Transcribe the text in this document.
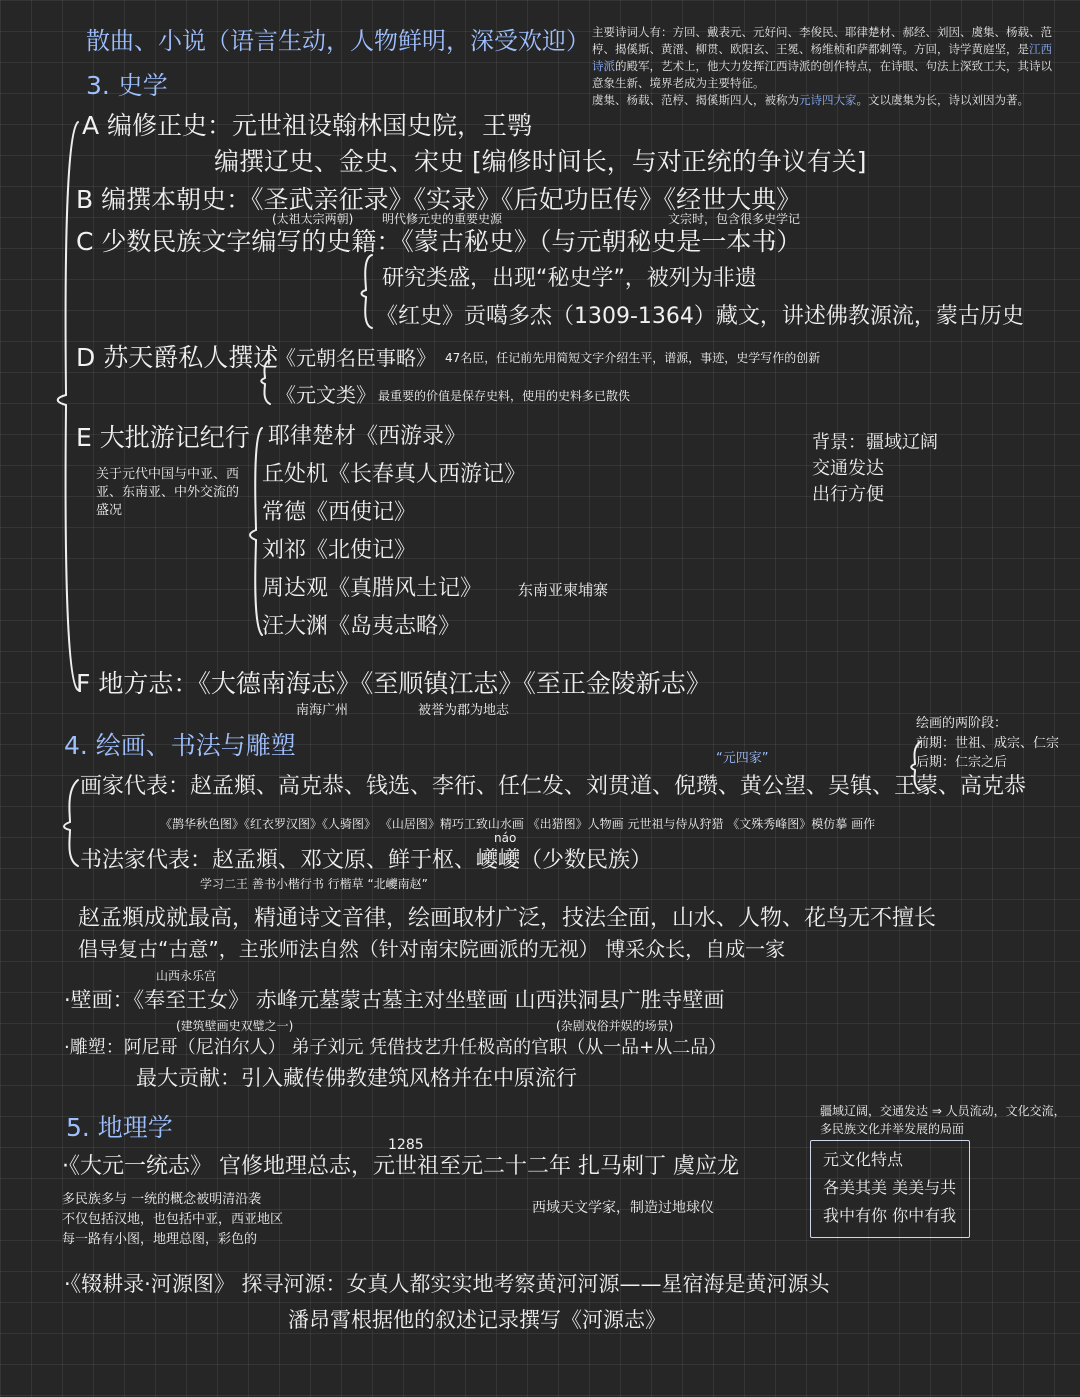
散曲、小说（语言生动，人物鲜明，深受欢迎） 主要诗词人有：方回、戴表元、元好问、李俊民、耶律楚材、郝经、刘因、虞集、杨载、范梈、揭傒斯、黄溍、柳贯、欧阳玄、王冕、杨维桢和萨都剌等。方回，诗学黄庭坚，是江西诗派的殿军，艺术上，他大力发挥江西诗派的创作特点，在诗眼、句法上深致工夫，其诗以意象生新、境界老成为主要特征。
虞集、杨载、范梈、揭傒斯四人，被称为元诗四大家。文以虞集为长，诗以刘因为著。
3. 史学
A 编修正史：元世祖设翰林国史院，王鹗
编撰辽史、金史、宋史 [编修时间长，与对正统的争议有关]
B 编撰本朝史：《圣武亲征录》《实录》《后妃功臣传》《经世大典》
(太祖太宗两朝) 明代修元史的重要史源	文宗时，包含很多史学记
C 少数民族文字编写的史籍：《蒙古秘史》（与元朝秘史是一本书）
研究类盛，出现“秘史学”，被列为非遗
《红史》贡噶多杰（1309-1364）藏文，讲述佛教源流，蒙古历史
D 苏天爵私人撰述
《元朝名臣事略》 47名臣，任记前先用简短文字介绍生平，谱源，事迹，史学写作的创新
《元文类》 最重要的价值是保存史料，使用的史料多已散佚
E 大批游记纪行
关于元代中国与中亚、西亚、东南亚、中外交流的盛况
耶律楚材《西游录》
丘处机《长春真人西游记》
常德《西使记》
刘祁《北使记》
周达观《真腊风土记》
汪大渊《岛夷志略》
东南亚柬埔寨
背景：疆域辽阔
交通发达
出行方便
F 地方志：《大德南海志》《至顺镇江志》《至正金陵新志》
南海广州	被誉为郡为地志
4. 绘画、书法与雕塑
绘画的两阶段：
前期：世祖、成宗、仁宗
后期：仁宗之后
“元四家”
画家代表：赵孟頫、高克恭、钱选、李衎、任仁发、刘贯道、倪瓒、黄公望、吴镇、王蒙、高克恭
《鹊华秋色图》《红衣罗汉图》《人骑图》 《山居图》精巧工致山水画 《出猎图》人物画 元世祖与侍从狩猎 《文殊秀峰图》模仿摹 画作
náo
书法家代表：赵孟頫、邓文原、鲜于枢、巙巙（少数民族）
学习二王 善书小楷行书 行楷草 “北巙南赵”
赵孟頫成就最高，精通诗文音律，绘画取材广泛，技法全面，山水、人物、花鸟无不擅长
倡导复古“古意”，主张师法自然（针对南宋院画派的无视） 博采众长，自成一家
山西永乐宫
·壁画：《奉至王女》 赤峰元墓蒙古墓主对坐壁画 山西洪洞县广胜寺壁画
(建筑壁画史双璧之一)	(杂剧戏俗并娱的场景)
·雕塑：阿尼哥（尼泊尔人） 弟子刘元 凭借技艺升任极高的官职（从一品+从二品）
最大贡献：引入藏传佛教建筑风格并在中原流行
5. 地理学
1285
·《大元一统志》 官修地理总志，元世祖至元二十二年 扎马剌丁 虞应龙
多民族多与 一统的概念被明清沿袭
不仅包括汉地，也包括中亚，西亚地区
每一路有小图，地理总图，彩色的
西域天文学家，制造过地球仪
疆域辽阔，交通发达 ⇒ 人员流动，文化交流，多民族文化并举发展的局面
元文化特点
各美其美 美美与共
我中有你 你中有我
·《辍耕录·河源图》 探寻河源：女真人都实实地考察黄河河源——星宿海是黄河源头
潘昂霄根据他的叙述记录撰写《河源志》
